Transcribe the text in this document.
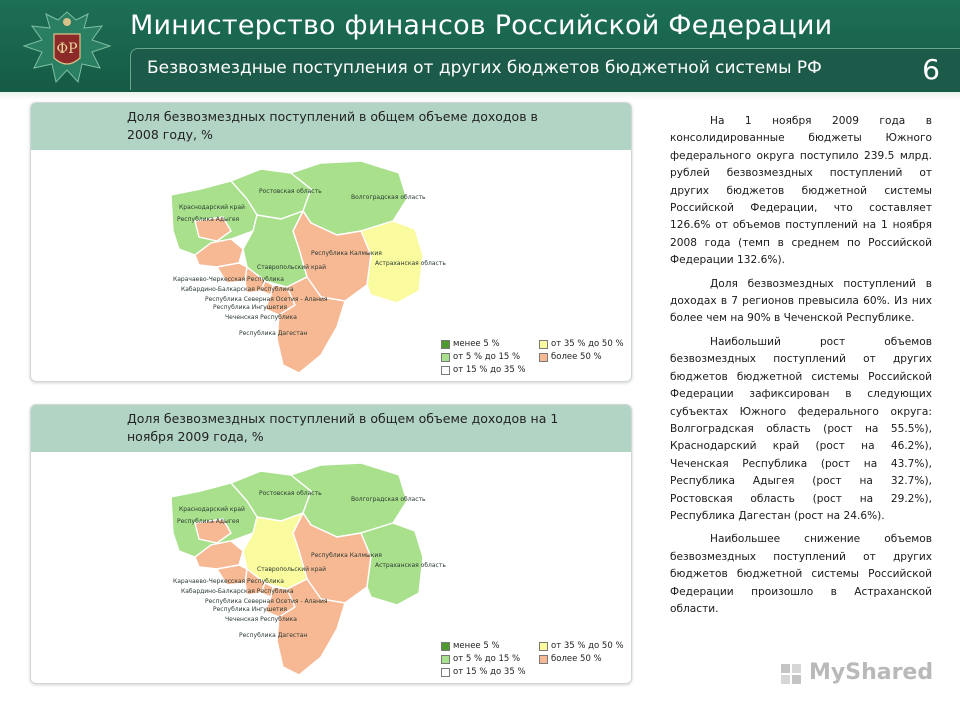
ФР
Министерство финансов Российской Федерации
Безвозмездные поступления от других бюджетов бюджетной системы РФ	6
Доля безвозмездных поступлений в общем объеме доходов в 2008 году, %
Краснодарский край
Республика Адыгея
Ростовская область
Волгоградская область
Республика Калмыкия
Астраханская область
Ставропольский край
Карачаево-Черкесская Республика
Кабардино-Балкарская Республика
Республика Северная Осетия - Алания
Республика Ингушетия
Чеченская Республика
Республика Дагестан
менее 5 %
от 5 % до 15 %
от 15 % до 35 %
от 35 % до 50 %
более 50 %
Доля безвозмездных поступлений в общем объеме доходов на 1 ноября 2009 года, %
Краснодарский край
Республика Адыгея
Ростовская область
Волгоградская область
Республика Калмыкия
Астраханская область
Ставропольский край
Карачаево-Черкесская Республика
Кабардино-Балкарская Республика
Республика Северная Осетия - Алания
Республика Ингушетия
Чеченская Республика
Республика Дагестан
менее 5 %
от 5 % до 15 %
от 15 % до 35 %
от 35 % до 50 %
более 50 %

На 1 ноября 2009 года в консолидированные бюджеты Южного федерального округа поступило 239.5 млрд. рублей безвозмездных поступлений от других бюджетов бюджетной системы Российской Федерации, что составляет 126.6% от объемов поступлений на 1 ноября 2008 года (темп в среднем по Российской Федерации 132.6%).

Доля безвозмездных поступлений в доходах в 7 регионов превысила 60%. Из них более чем на 90% в Чеченской Республике.

Наибольший рост объемов безвозмездных поступлений от других бюджетов бюджетной системы Российской Федерации зафиксирован в следующих субъектах Южного федерального округа: Волгоградская область (рост на 55.5%), Краснодарский край (рост на 46.2%), Чеченская Республика (рост на 43.7%), Республика Адыгея (рост на 32.7%), Ростовская область (рост на 29.2%), Республика Дагестан (рост на 24.6%).

Наибольшее снижение объемов безвозмездных поступлений от других бюджетов бюджетной системы Российской Федерации произошло в Астраханской области.

MyShared
